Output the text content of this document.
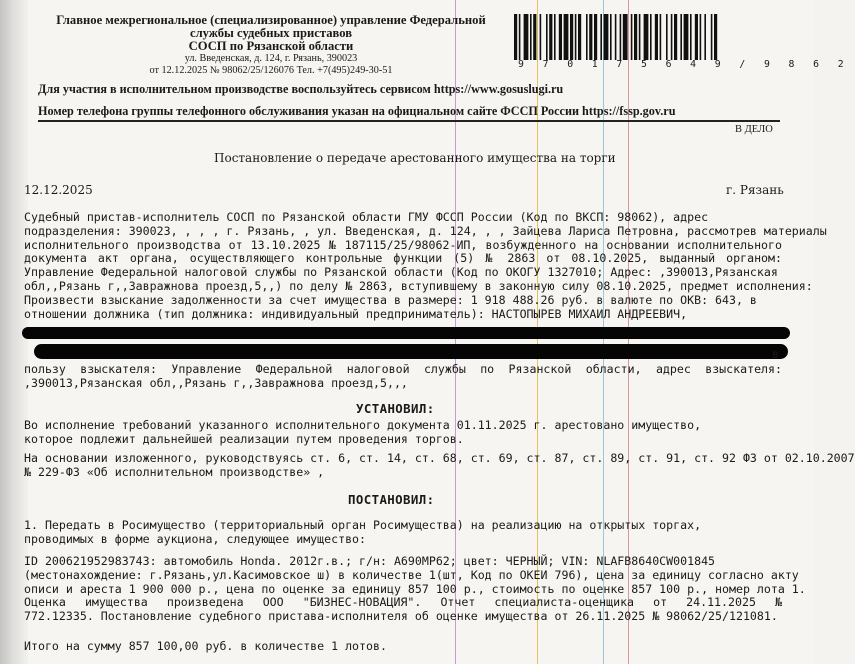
Главное межрегиональное (специализированное) управление Федеральной
службы судебных приставов
СОСП по Рязанской области
ул. Введенская, д. 124, г. Рязань, 390023
от 12.12.2025 № 98062/25/126076 Тел. +7(495)249-30-51
9 7 0 1 7 5 6 4 9 / 9 8 6 2
Для участия в исполнительном производстве воспользуйтесь сервисом https://www.gosuslugi.ru
Номер телефона группы телефонного обслуживания указан на официальном сайте ФССП России https://fssp.gov.ru
В ДЕЛО
Постановление о передаче арестованного имущества на торги
12.12.2025	г. Рязань
Судебный пристав-исполнитель СОСП по Рязанской области ГМУ ФССП России (Код по ВКСП: 98062), адрес
подразделения: 390023, , , , г. Рязань, , ул. Введенская, д. 124, , , Зайцева Лариса Петровна, рассмотрев материалы
исполнительного производства от 13.10.2025 № 187115/25/98062-ИП, возбужденного на основании исполнительного
документа акт органа, осуществляющего контрольные функции (5) № 2863 от 08.10.2025, выданный органом:
Управление Федеральной налоговой службы по Рязанской области (Код по ОКОГУ 1327010; Адрес: ,390013,Рязанская
обл,,Рязань г,,Завражнова проезд,5,,) по делу № 2863, вступившему в законную силу 08.10.2025, предмет исполнения:
Произвести взыскание задолженности за счет имущества в размере: 1 918 488.26 руб. в валюте по ОКВ: 643, в
отношении должника (тип должника: индивидуальный предприниматель): НАСТОПЫРЕВ МИХАИЛ АНДРЕЕВИЧ,
в
пользу взыскателя: Управление Федеральной налоговой службы по Рязанской области, адрес взыскателя:
,390013,Рязанская обл,,Рязань г,,Завражнова проезд,5,,,
УСТАНОВИЛ:
Во исполнение требований указанного исполнительного документа 01.11.2025 г. арестовано имущество,
которое подлежит дальнейшей реализации путем проведения торгов.
На основании изложенного, руководствуясь ст. 6, ст. 14, ст. 68, ст. 69, ст. 87, ст. 89, ст. 91, ст. 92 ФЗ от 02.10.2007
№ 229-ФЗ «Об исполнительном производстве» ,
ПОСТАНОВИЛ:
1. Передать в Росимущество (территориальный орган Росимущества) на реализацию на открытых торгах,
проводимых в форме аукциона, следующее имущество:
ID 200621952983743: автомобиль Honda. 2012г.в.; г/н: А690МР62; цвет: ЧЕРНЫЙ; VIN: NLAFB8640CW001845
(местонахождение: г.Рязань,ул.Касимовское ш) в количестве 1(шт, Код по ОКЕИ 796), цена за единицу согласно акту
описи и ареста 1 900 000 р., цена по оценке за единицу 857 100 р., стоимость по оценке 857 100 р., номер лота 1.
Оценка имущества произведена ООО "БИЗНЕС-НОВАЦИЯ". Отчет специалиста-оценщика от 24.11.2025 №
772.12335. Постановление судебного пристава-исполнителя об оценке имущества от 26.11.2025 № 98062/25/121081.
Итого на сумму 857 100,00 руб. в количестве 1 лотов.
